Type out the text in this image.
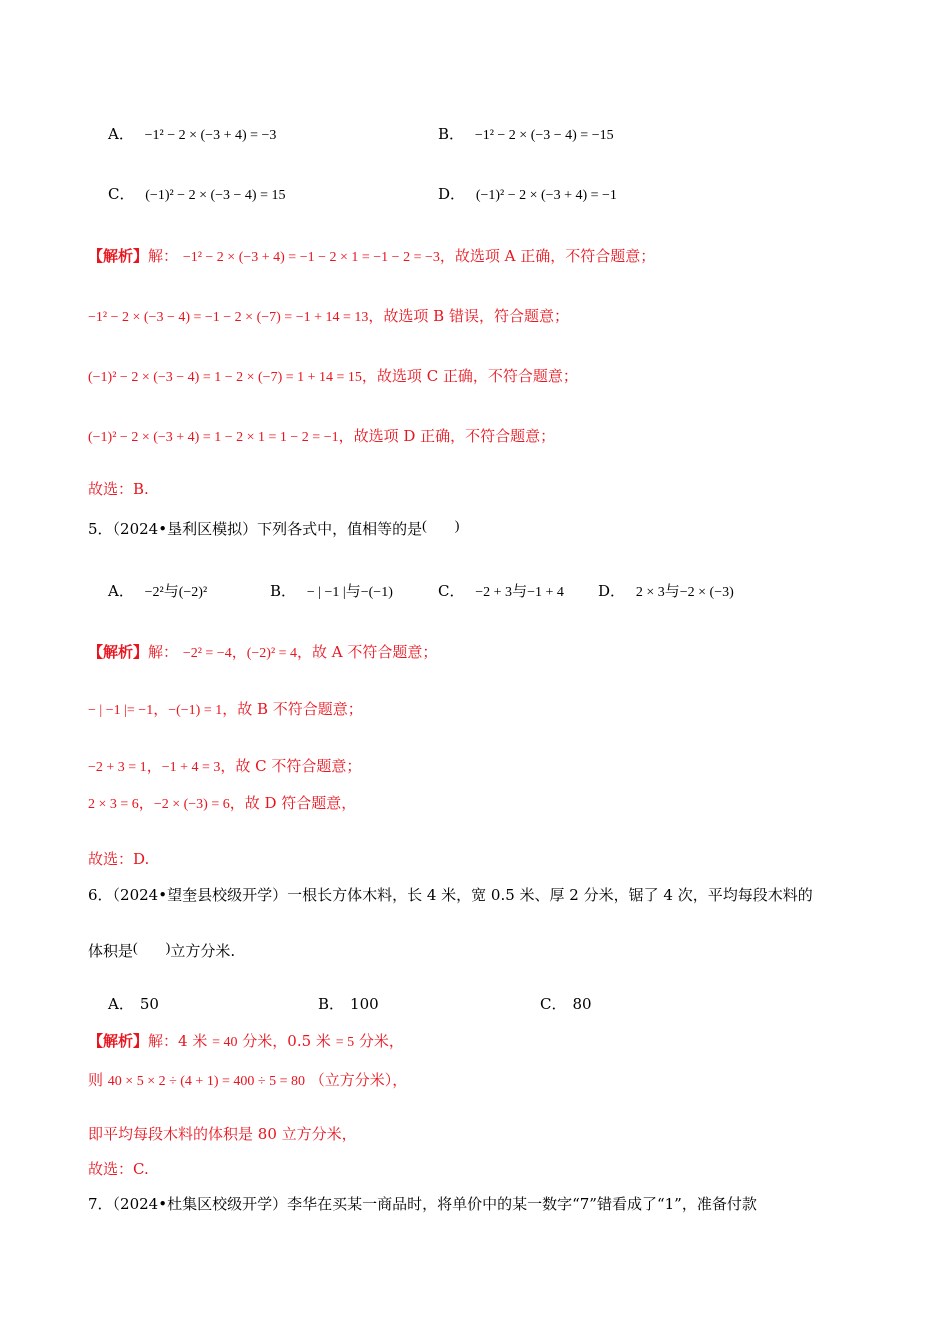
A． −1² − 2 × (−3 + 4) = −3	B． −1² − 2 × (−3 − 4) = −15
C． (−1)² − 2 × (−3 − 4) = 15	D． (−1)² − 2 × (−3 + 4) = −1
【解析】解： −1² − 2 × (−3 + 4) = −1 − 2 × 1 = −1 − 2 = −3，故选项 A 正确，不符合题意；
−1² − 2 × (−3 − 4) = −1 − 2 × (−7) = −1 + 14 = 13，故选项 B 错误，符合题意；
(−1)² − 2 × (−3 − 4) = 1 − 2 × (−7) = 1 + 14 = 15，故选项 C 正确，不符合题意；
(−1)² − 2 × (−3 + 4) = 1 − 2 × 1 = 1 − 2 = −1，故选项 D 正确，不符合题意；
故选：B.
5．（2024•垦利区模拟）下列各式中，值相等的是(        )
A． −2²与(−2)²	B． − | −1 |与−(−1)	C． −2 + 3与−1 + 4 D． 2 × 3与−2 × (−3)
【解析】解： −2² = −4，(−2)² = 4，故 A 不符合题意；
− | −1 |= −1，−(−1) = 1，故 B 不符合题意；
−2 + 3 = 1，−1 + 4 = 3，故 C 不符合题意；
2 × 3 = 6，−2 × (−3) = 6，故 D 符合题意，
故选：D.
6．（2024•望奎县校级开学）一根长方体木料，长 4 米，宽 0.5 米、厚 2 分米，锯了 4 次，平均每段木料的
体积是(        )立方分米.
A． 50	B． 100	C． 80
【解析】解：4 米 = 40 分米，0.5 米 = 5 分米，
则 40 × 5 × 2 ÷ (4 + 1) = 400 ÷ 5 = 80 （立方分米），
即平均每段木料的体积是 80 立方分米，
故选：C.
7．（2024•杜集区校级开学）李华在买某一商品时，将单价中的某一数字“7”错看成了“1”，准备付款
